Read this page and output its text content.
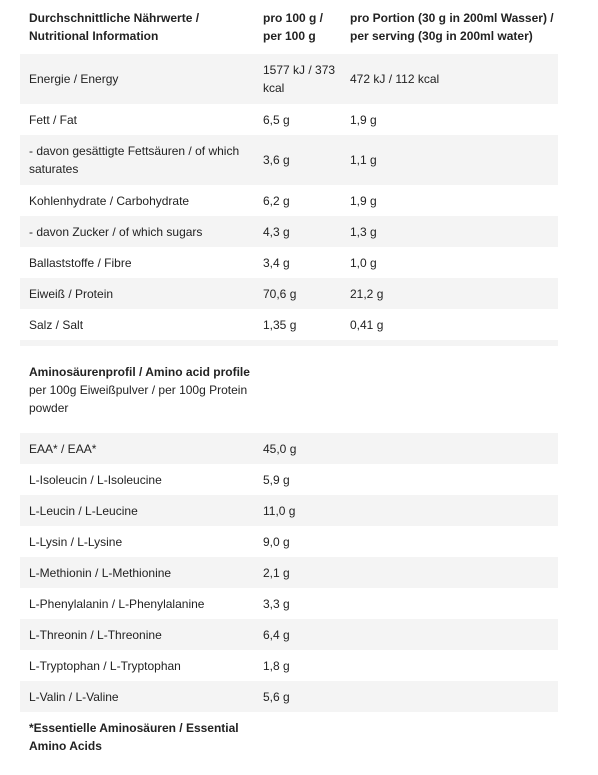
Durchschnittliche Nährwerte / Nutritional Information	pro 100 g / per 100 g	pro Portion (30 g in 200ml Wasser) / per serving (30g in 200ml water)
Energie / Energy	1577 kJ / 373 kcal	472 kJ / 112 kcal
Fett / Fat	6,5 g	1,9 g
- davon gesättigte Fettsäuren / of which saturates	3,6 g	1,1 g
Kohlenhydrate / Carbohydrate	6,2 g	1,9 g
- davon Zucker / of which sugars	4,3 g	1,3 g
Ballaststoffe / Fibre	3,4 g	1,0 g
Eiweiß / Protein	70,6 g	21,2 g
Salz / Salt	1,35 g	0,41 g

Aminosäurenprofil / Amino acid profile
per 100g Eiweißpulver / per 100g Protein powder		

EAA* / EAA*	45,0 g	
L-Isoleucin / L-Isoleucine	5,9 g	
L-Leucin / L-Leucine	11,0 g	
L-Lysin / L-Lysine	9,0 g	
L-Methionin / L-Methionine	2,1 g	
L-Phenylalanin / L-Phenylalanine	3,3 g	
L-Threonin / L-Threonine	6,4 g	
L-Tryptophan / L-Tryptophan	1,8 g	
L-Valin / L-Valine	5,6 g	

*Essentielle Aminosäuren / Essential Amino Acids		
